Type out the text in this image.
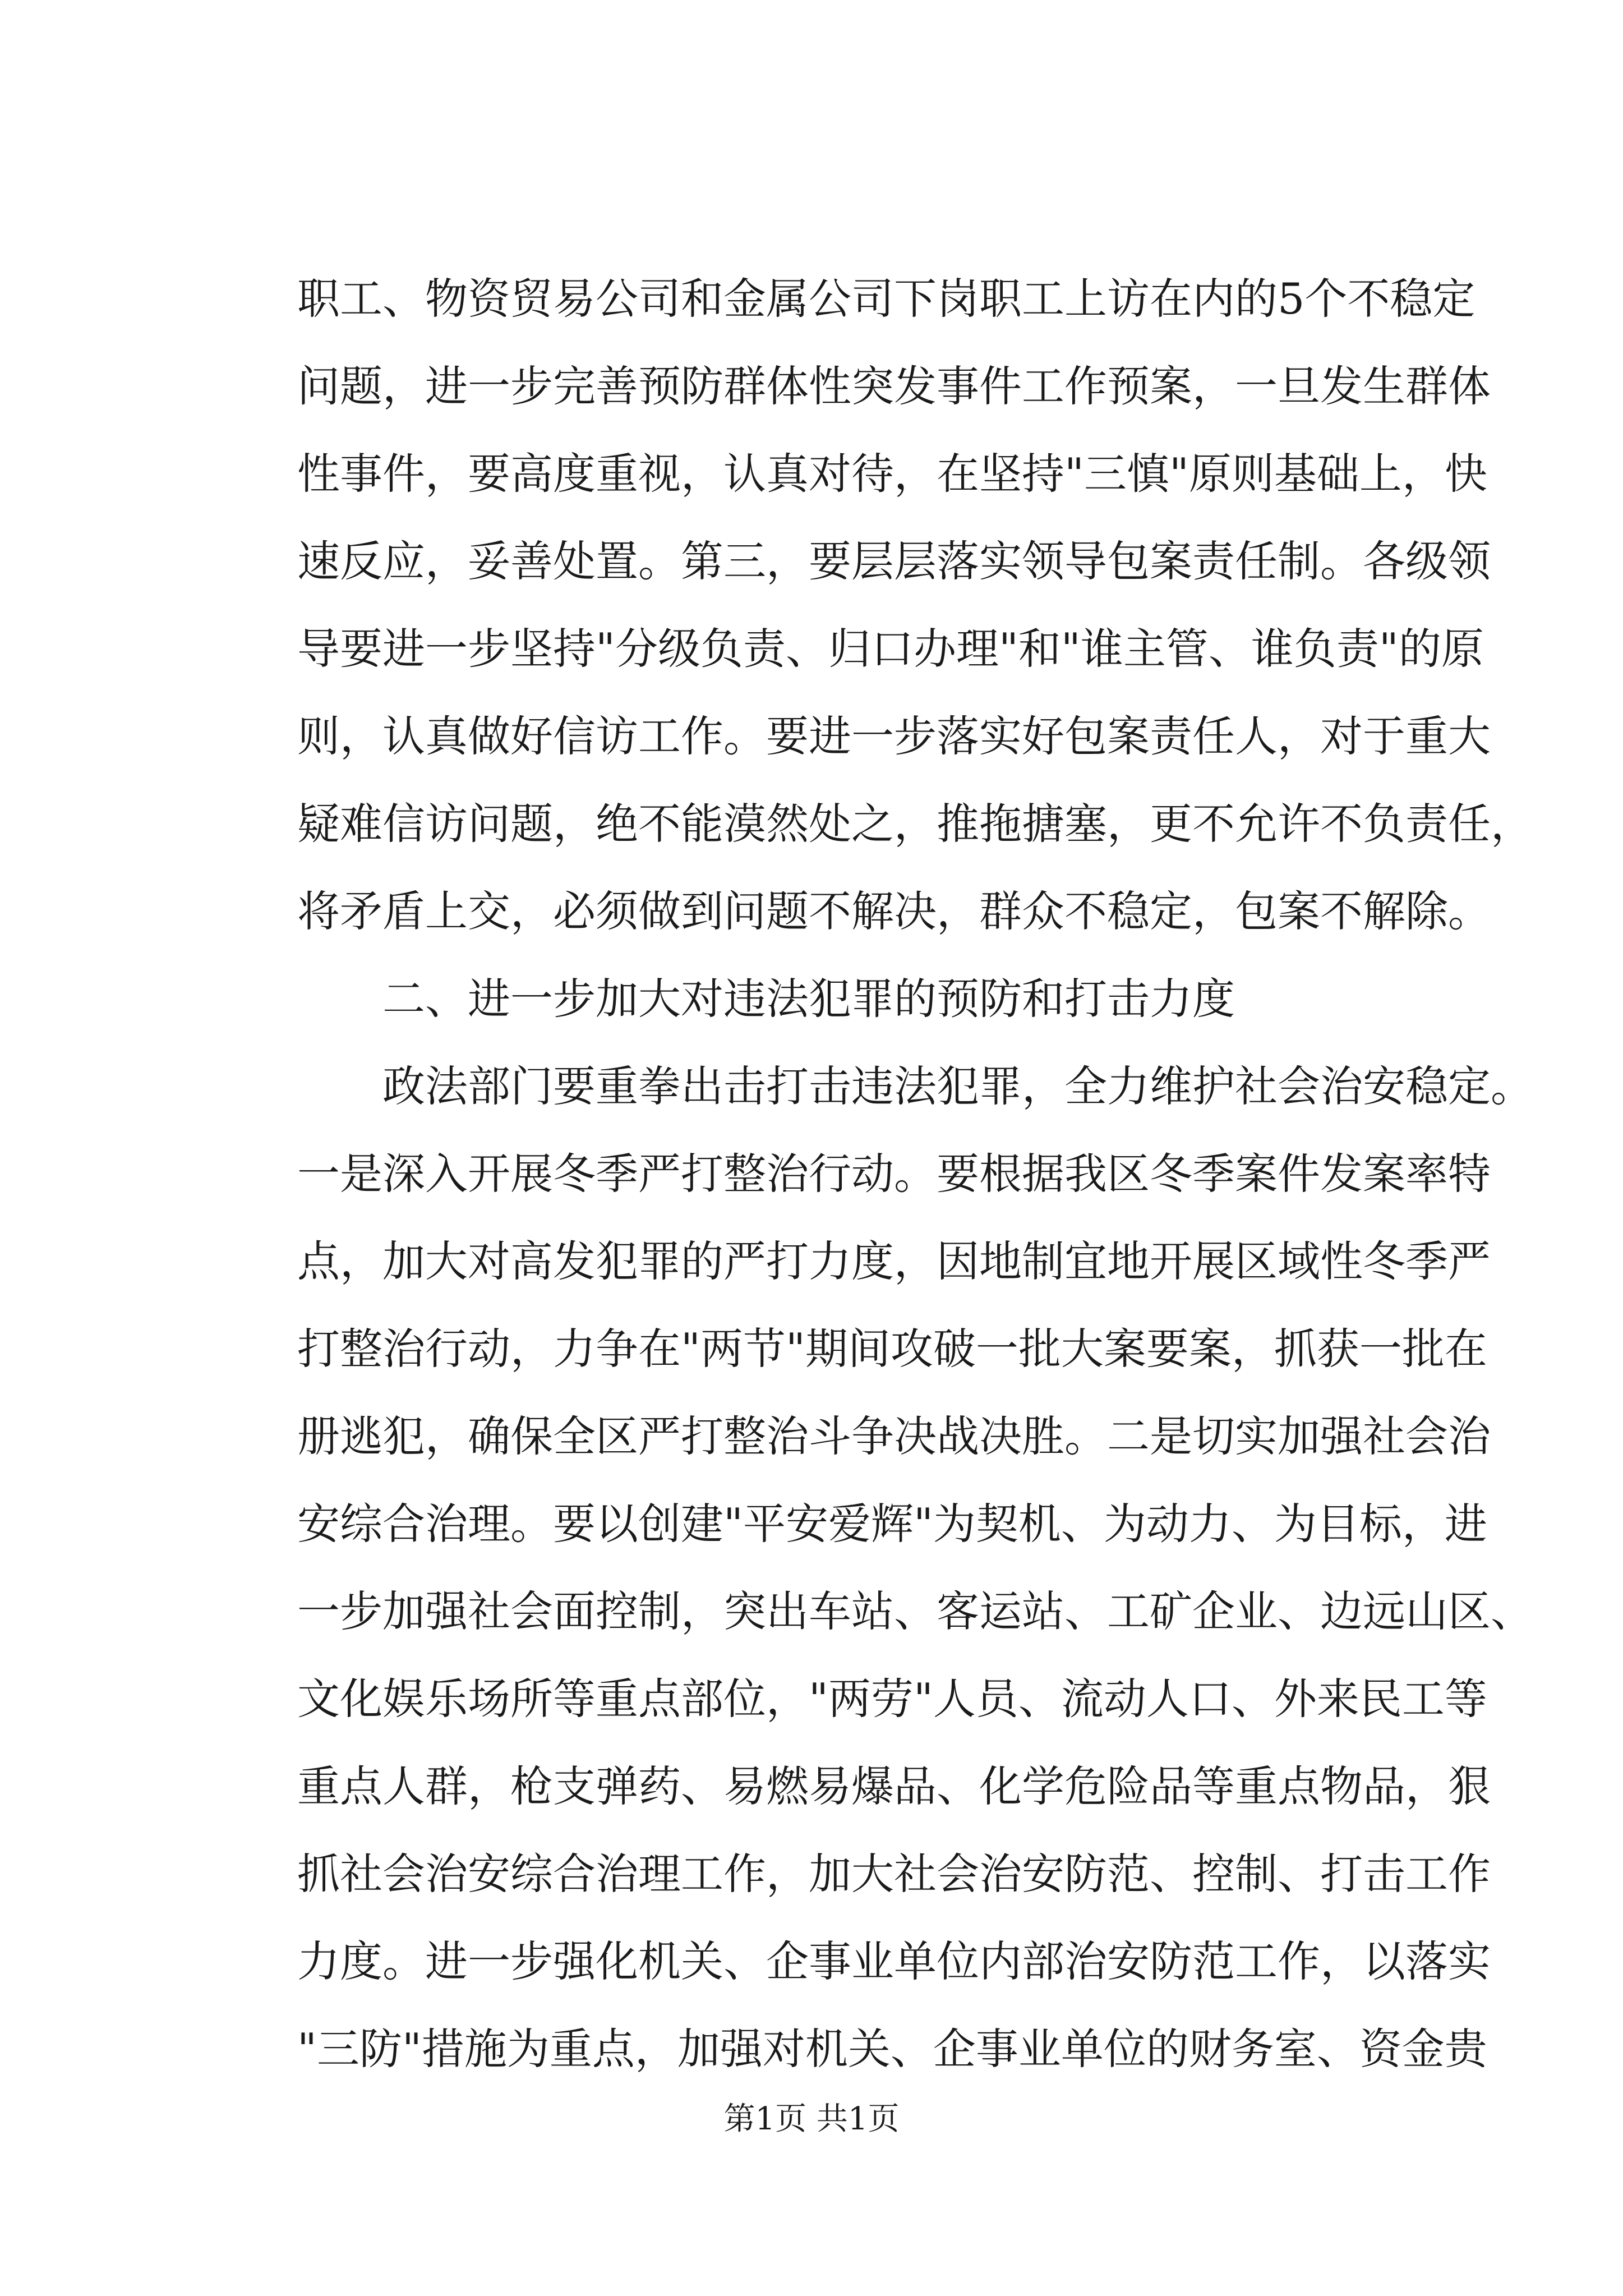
职工、物资贸易公司和金属公司下岗职工上访在内的5个不稳定
问题，进一步完善预防群体性突发事件工作预案，一旦发生群体
性事件，要高度重视，认真对待，在坚持"三慎"原则基础上，快
速反应，妥善处置。第三，要层层落实领导包案责任制。各级领
导要进一步坚持"分级负责、归口办理"和"谁主管、谁负责"的原
则，认真做好信访工作。要进一步落实好包案责任人，对于重大
疑难信访问题，绝不能漠然处之，推拖搪塞，更不允许不负责任，
将矛盾上交，必须做到问题不解决，群众不稳定，包案不解除。
二、进一步加大对违法犯罪的预防和打击力度
政法部门要重拳出击打击违法犯罪，全力维护社会治安稳定。
一是深入开展冬季严打整治行动。要根据我区冬季案件发案率特
点，加大对高发犯罪的严打力度，因地制宜地开展区域性冬季严
打整治行动，力争在"两节"期间攻破一批大案要案，抓获一批在
册逃犯，确保全区严打整治斗争决战决胜。二是切实加强社会治
安综合治理。要以创建"平安爱辉"为契机、为动力、为目标，进
一步加强社会面控制，突出车站、客运站、工矿企业、边远山区、
文化娱乐场所等重点部位，"两劳"人员、流动人口、外来民工等
重点人群，枪支弹药、易燃易爆品、化学危险品等重点物品，狠
抓社会治安综合治理工作，加大社会治安防范、控制、打击工作
力度。进一步强化机关、企事业单位内部治安防范工作，以落实
"三防"措施为重点，加强对机关、企事业单位的财务室、资金贵
第1页 共1页
